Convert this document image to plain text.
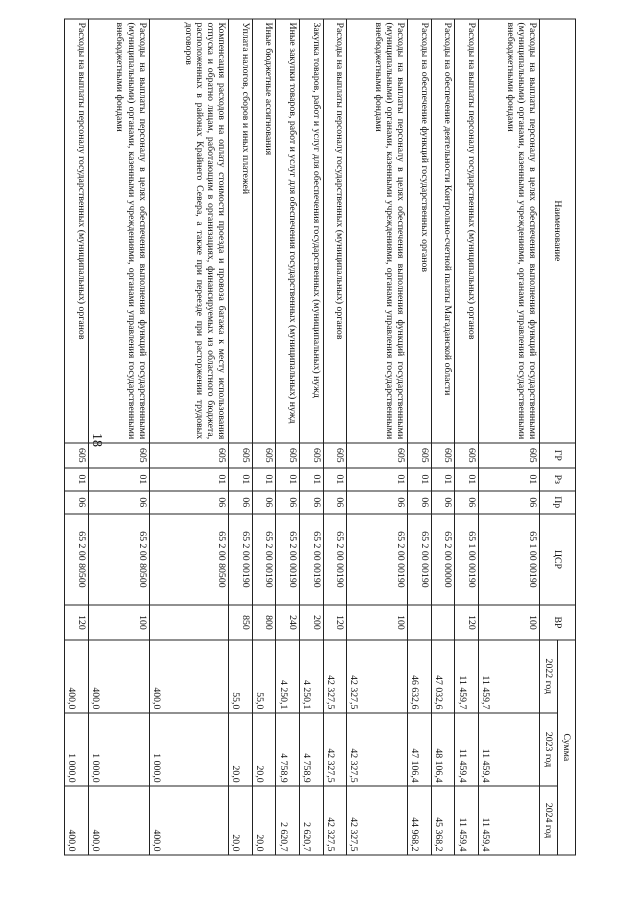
18
Наименование	ГР	Рз	Пр	ЦСР	ВР	Сумма		
						2022 год	2023 год	2024 год
Расходы на выплаты персоналу в целях обеспечения выполнения функций государственными (муниципальными) органами, казенными учреждениями, органами управления государственными внебюджетными фондами	605	01	06	65 1 00 00190	100	11 459,7	11 459,4	11 459,4
Расходы на выплаты персоналу государственных (муниципальных) органов	605	01	06	65 1 00 00190	120	11 459,7	11 459,4	11 459,4
Расходы на обеспечение деятельности Контрольно-счетной палаты Магаданской области	605	01	06	65 2 00 00000		47 032,6	48 106,4	45 368,2
Расходы на обеспечение функций государственных органов	605	01	06	65 2 00 00190		46 632,6	47 106,4	44 968,2
Расходы на выплаты персоналу в целях обеспечения выполнения функций государственными (муниципальными) органами, казенными учреждениями, органами управления государственными внебюджетными фондами	605	01	06	65 2 00 00190	100	42 327,5	42 327,5	42 327,5
Расходы на выплаты персоналу государственных (муниципальных) органов	605	01	06	65 2 00 00190	120	42 327,5	42 327,5	42 327,5
Закупка товаров, работ и услуг для обеспечения государственных (муниципальных) нужд	605	01	06	65 2 00 00190	200	4 250,1	4 758,9	2 620,7
Иные закупки товаров, работ и услуг для обеспечения государственных (муниципальных) нужд	605	01	06	65 2 00 00190	240	4 250,1	4 758,9	2 620,7
Иные бюджетные ассигнования	605	01	06	65 2 00 00190	800	55,0	20,0	20,0
Уплата налогов, сборов и иных платежей	605	01	06	65 2 00 00190	850	55,0	20,0	20,0
Компенсация расходов на оплату стоимости проезда и провоза багажа к месту использования отпуска и обратно лицам, работающим в организациях, финансируемых из областного бюджета, расположенных в районах Крайнего Севера, а также при переезде при расторжении трудовых договоров	605	01	06	65 2 00 80500		400,0	1 000,0	400,0
Расходы на выплаты персоналу в целях обеспечения выполнения функций государственными (муниципальными) органами, казенными учреждениями, органами управления государственными внебюджетными фондами	605	01	06	65 2 00 80500	100	400,0	1 000,0	400,0
Расходы на выплаты персоналу государственных (муниципальных) органов	605	01	06	65 2 00 80500	120	400,0	1 000,0	400,0
